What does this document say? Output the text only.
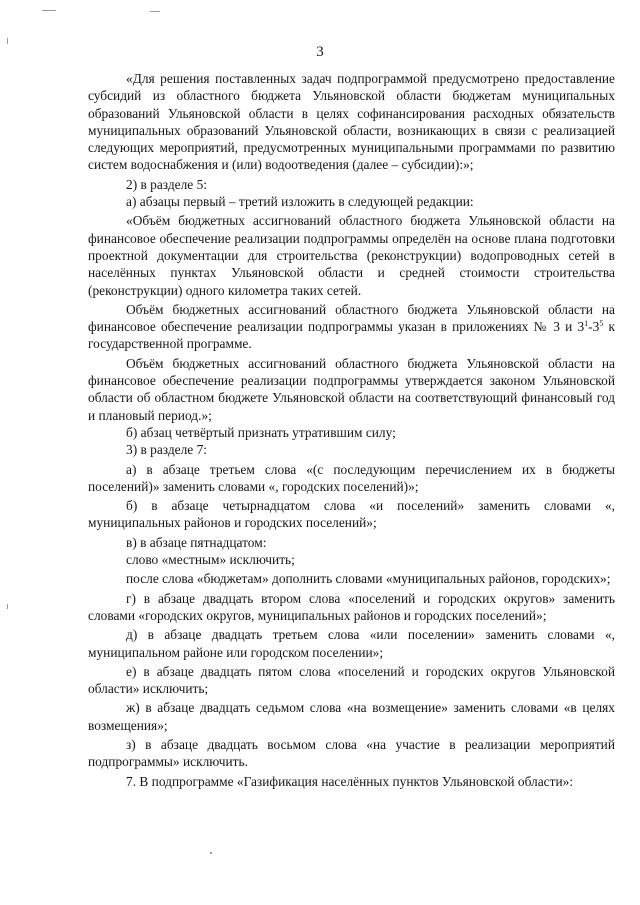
3

«Для решения поставленных задач подпрограммой предусмотрено предоставление субсидий из областного бюджета Ульяновской области бюджетам муниципальных образований Ульяновской области в целях софинансирования расходных обязательств муниципальных образований Ульяновской области, возникающих в связи с реализацией следующих мероприятий, предусмотренных муниципальными программами по развитию систем водоснабжения и (или) водоотведения (далее – субсидии):»;

2) в разделе 5:

а) абзацы первый – третий изложить в следующей редакции:

«Объём бюджетных ассигнований областного бюджета Ульяновской области на финансовое обеспечение реализации подпрограммы определён на основе плана подготовки проектной документации для строительства (реконструкции) водопроводных сетей в населённых пунктах Ульяновской области и средней стоимости строительства (реконструкции) одного километра таких сетей.

Объём бюджетных ассигнований областного бюджета Ульяновской области на финансовое обеспечение реализации подпрограммы указан в приложениях № 3 и $3^1-3^5$ к государственной программе.

Объём бюджетных ассигнований областного бюджета Ульяновской области на финансовое обеспечение реализации подпрограммы утверждается законом Ульяновской области об областном бюджете Ульяновской области на соответствующий финансовый год и плановый период.»;

б) абзац четвёртый признать утратившим силу;

3) в разделе 7:

а) в абзаце третьем слова «(с последующим перечислением их в бюджеты поселений)» заменить словами «, городских поселений)»;

б) в абзаце четырнадцатом слова «и поселений» заменить словами «, муниципальных районов и городских поселений»;

в) в абзаце пятнадцатом:

слово «местным» исключить;

после слова «бюджетам» дополнить словами «муниципальных районов, городских»;

г) в абзаце двадцать втором слова «поселений и городских округов» заменить словами «городских округов, муниципальных районов и городских поселений»;

д) в абзаце двадцать третьем слова «или поселении» заменить словами «, муниципальном районе или городском поселении»;

е) в абзаце двадцать пятом слова «поселений и городских округов Ульяновской области» исключить;

ж) в абзаце двадцать седьмом слова «на возмещение» заменить словами «в целях возмещения»;

з) в абзаце двадцать восьмом слова «на участие в реализации мероприятий подпрограммы» исключить.

7. В подпрограмме «Газификация населённых пунктов Ульяновской области»:
